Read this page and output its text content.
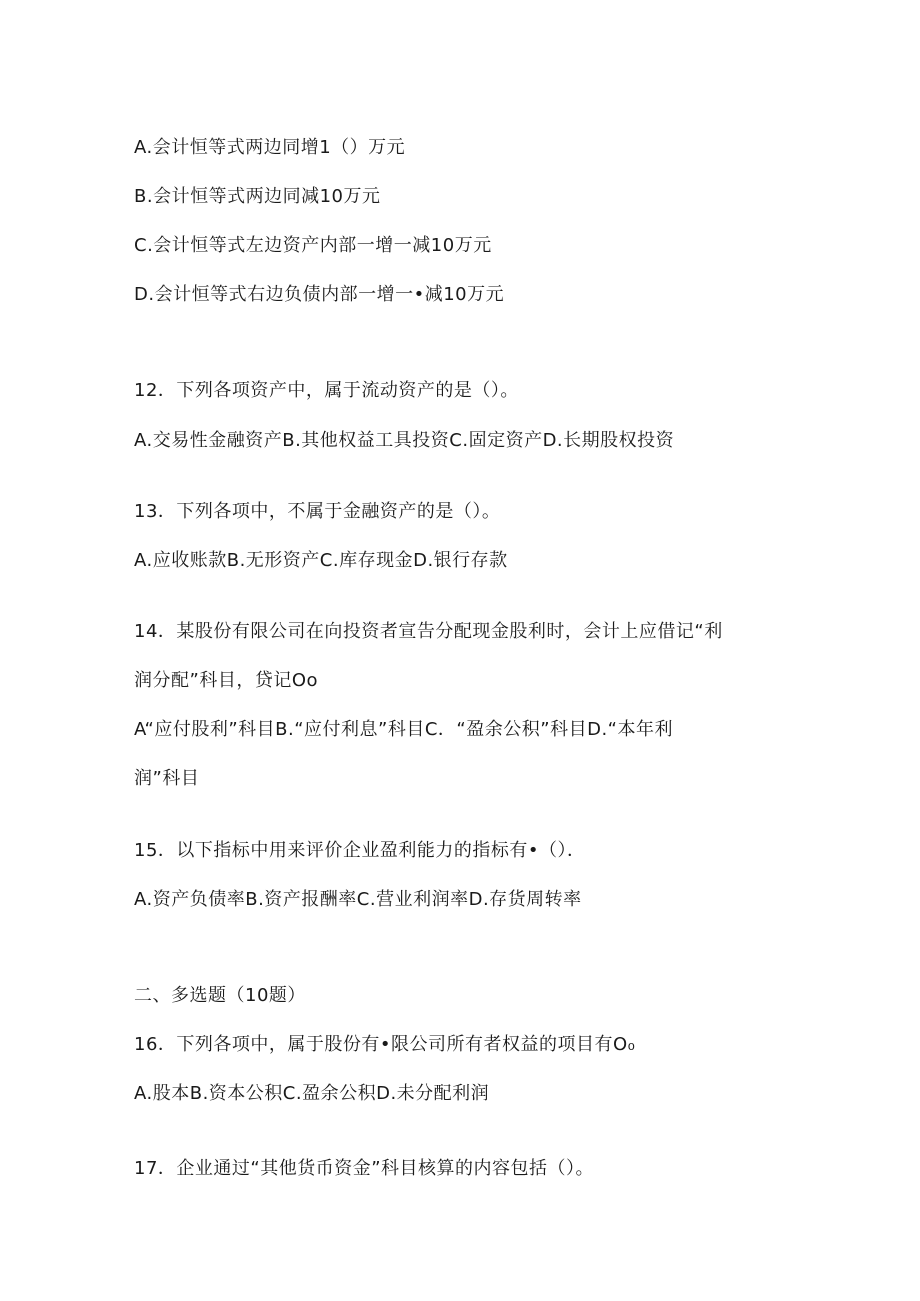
A.会计恒等式两边同增1（）万元
B.会计恒等式两边同减10万元
C.会计恒等式左边资产内部一增一减10万元
D.会计恒等式右边负债内部一增一•减10万元
12．下列各项资产中，属于流动资产的是（）。
A.交易性金融资产B.其他权益工具投资C.固定资产D.长期股权投资
13．下列各项中，不属于金融资产的是（）。
A.应收账款B.无形资产C.库存现金D.银行存款
14．某股份有限公司在向投资者宣告分配现金股利时，会计上应借记“利
润分配”科目，贷记Oo
A“应付股利”科目B.“应付利息”科目C．“盈余公积”科目D.“本年利
润”科目
15．以下指标中用来评价企业盈利能力的指标有•（）．
A.资产负债率B.资产报酬率C.营业利润率D.存货周转率
二、多选题（10题）
16．下列各项中，属于股份有•限公司所有者权益的项目有O₀
A.股本B.资本公积C.盈余公积D.未分配利润
17．企业通过“其他货币资金”科目核算的内容包括（）。
